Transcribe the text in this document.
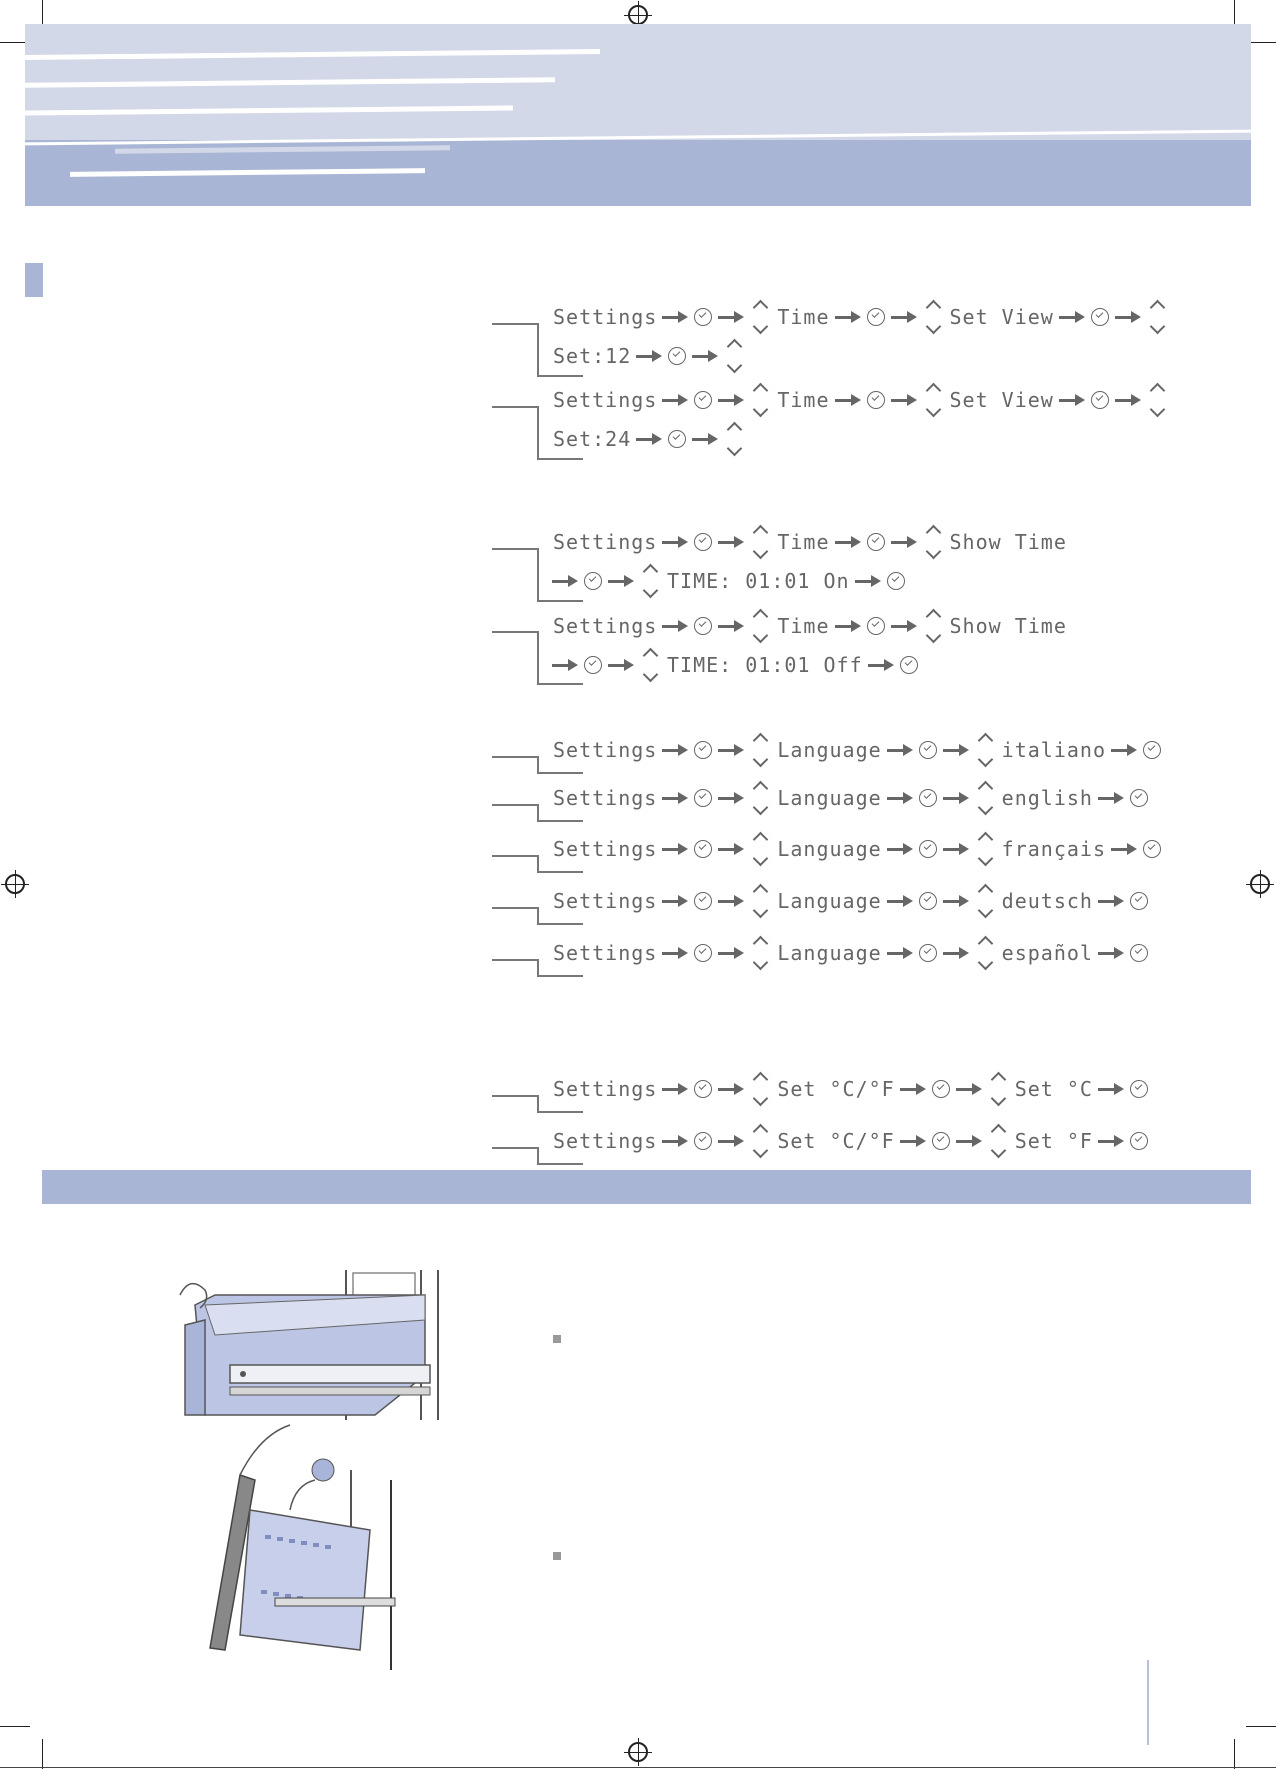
Settings	Time	Set View
Set:12
Settings	Time	Set View
Set:24
Settings	Time	Show Time
TIME: 01:01 On
Settings	Time	Show Time
TIME: 01:01 Off
Settings	Language	italiano
Settings	Language	english
Settings	Language	français
Settings	Language	deutsch
Settings	Language	español
Settings	Set °C/°F	Set °C
Settings	Set °C/°F	Set °F
